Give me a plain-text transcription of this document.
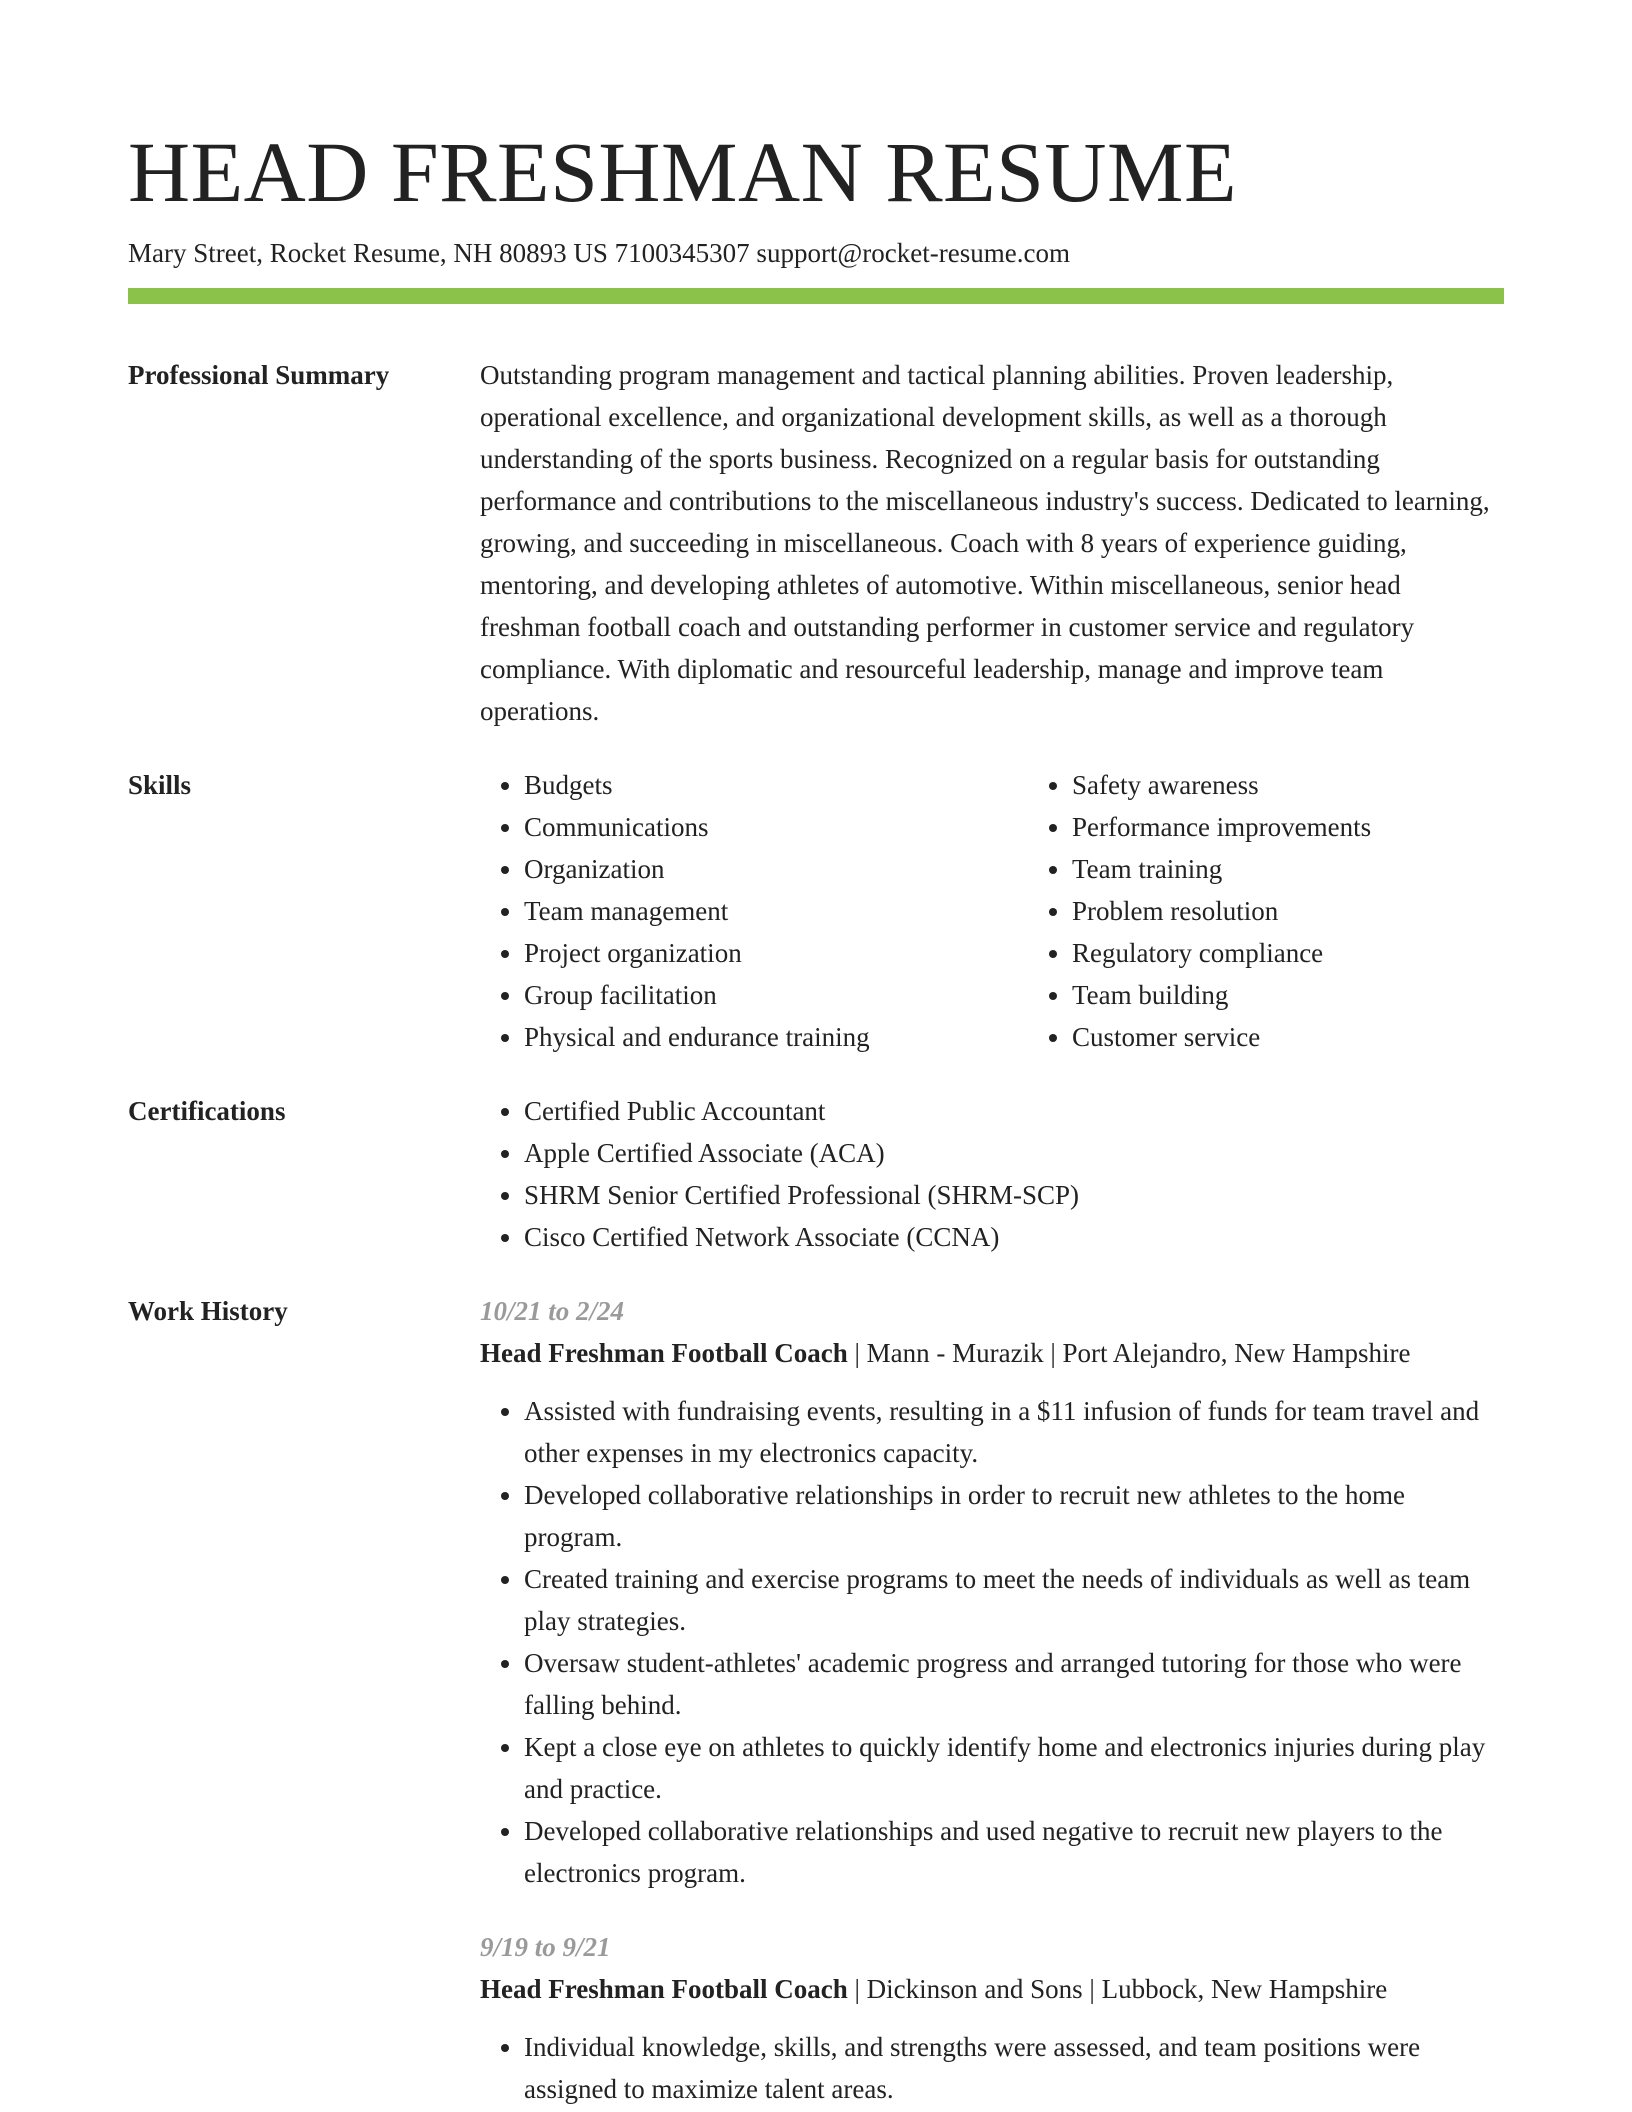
HEAD FRESHMAN RESUME
Mary Street, Rocket Resume, NH 80893 US 7100345307 support@rocket-resume.com
Professional Summary	Outstanding program management and tactical planning abilities. Proven leadership, operational excellence, and organizational development skills, as well as a thorough understanding of the sports business. Recognized on a regular basis for outstanding performance and contributions to the miscellaneous industry's success. Dedicated to learning, growing, and succeeding in miscellaneous. Coach with 8 years of experience guiding, mentoring, and developing athletes of automotive. Within miscellaneous, senior head freshman football coach and outstanding performer in customer service and regulatory compliance. With diplomatic and resourceful leadership, manage and improve team operations.
Skills	• Budgets
• Communications
• Organization
• Team management
• Project organization
• Group facilitation
• Physical and endurance training
• Safety awareness
• Performance improvements
• Team training
• Problem resolution
• Regulatory compliance
• Team building
• Customer service
Certifications	• Certified Public Accountant
• Apple Certified Associate (ACA)
• SHRM Senior Certified Professional (SHRM-SCP)
• Cisco Certified Network Associate (CCNA)
Work History	10/21 to 2/24
Head Freshman Football Coach | Mann - Murazik | Port Alejandro, New Hampshire
• Assisted with fundraising events, resulting in a $11 infusion of funds for team travel and other expenses in my electronics capacity.
• Developed collaborative relationships in order to recruit new athletes to the home program.
• Created training and exercise programs to meet the needs of individuals as well as team play strategies.
• Oversaw student-athletes' academic progress and arranged tutoring for those who were falling behind.
• Kept a close eye on athletes to quickly identify home and electronics injuries during play and practice.
• Developed collaborative relationships and used negative to recruit new players to the electronics program.
9/19 to 9/21
Head Freshman Football Coach | Dickinson and Sons | Lubbock, New Hampshire
• Individual knowledge, skills, and strengths were assessed, and team positions were assigned to maximize talent areas.
